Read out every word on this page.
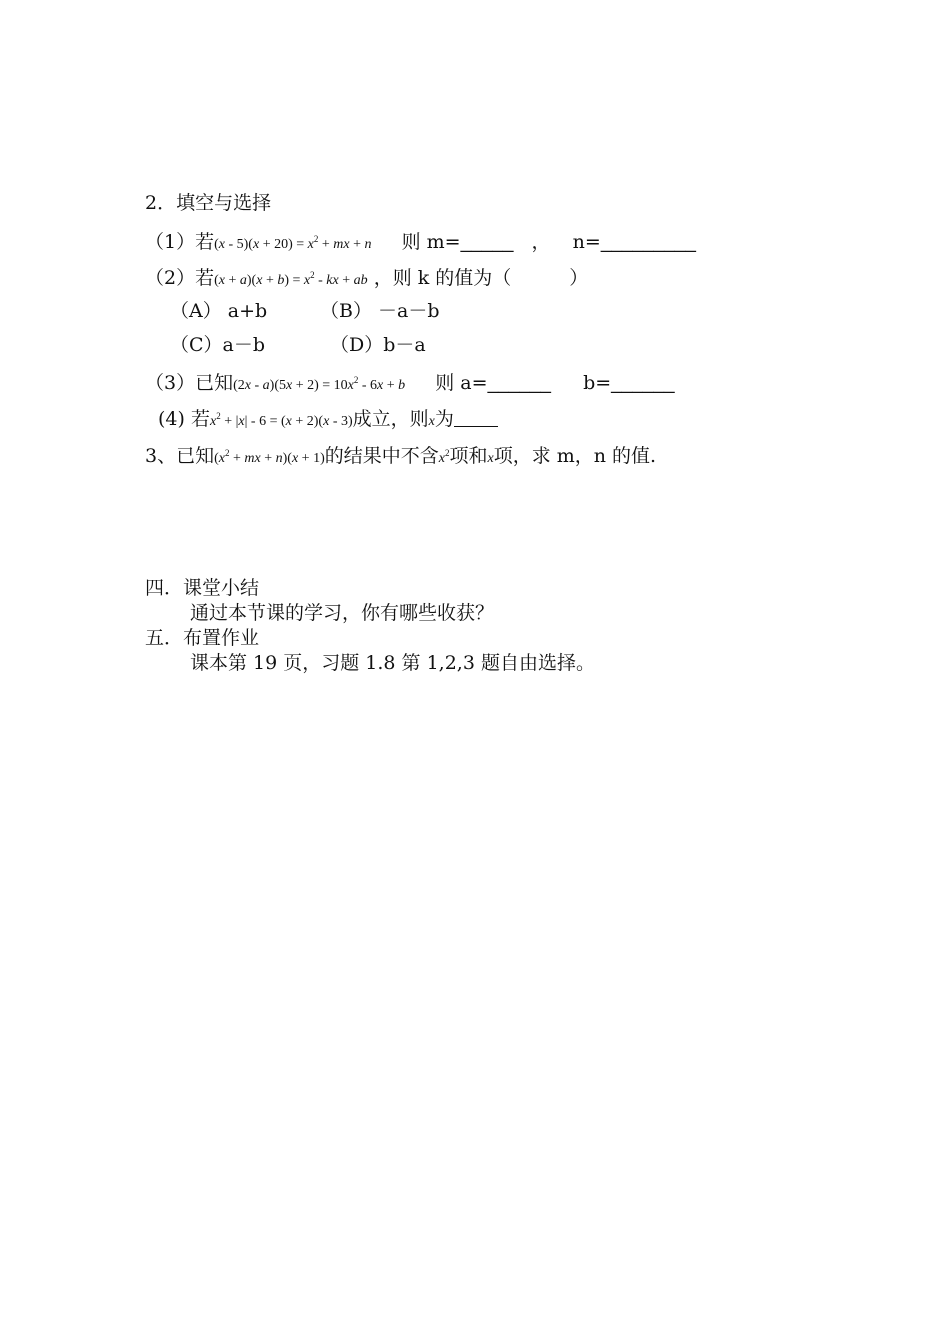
2．填空与选择
（1）若$(x - 5)(x + 20) = x^2$ + mx + n 则 m=_____ ， n=_________
（2）若$(x + a)(x + b) = x^2$ - kx + ab ，则 k 的值为（	）
（A） a+b	（B） －a－b
（C）a－b	（D）b－a
（3）已知$(2x - a)(5x + 2) = 10x^2 - 6x + b$ 则 a=______ b=______
(4) 若$x^2 + |x| - 6 = (x + 2)(x - 3)$成立，则x为
3、已知($x^2$ + mx + n)(x + 1)的结果中不含$x^2$项和x项，求 m，n 的值.
四．课堂小结
通过本节课的学习，你有哪些收获？
五．布置作业
课本第 19 页，习题 1.8 第 1,2,3 题自由选择。
